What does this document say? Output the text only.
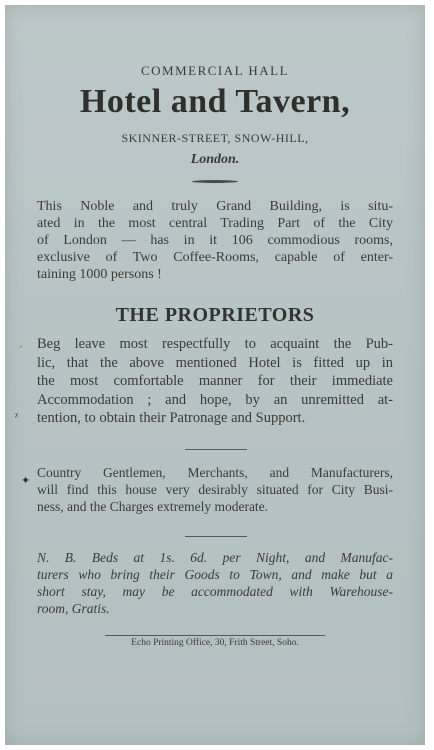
COMMERCIAL HALL
Hotel and Tavern,
SKINNER-STREET, SNOW-HILL,
London.
This Noble and truly Grand Building, is situ-
ated in the most central Trading Part of the City
of London — has in it 106 commodious rooms,
exclusive of Two Coffee-Rooms, capable of enter-
taining 1000 persons !
THE PROPRIETORS
Beg leave most respectfully to acquaint the Pub-
lic, that the above mentioned Hotel is fitted up in
the most comfortable manner for their immediate
Accommodation ; and hope, by an unremitted at-
tention, to obtain their Patronage and Support.
Country Gentlemen, Merchants, and Manufacturers,
will find this house very desirably situated for City Busi-
ness, and the Charges extremely moderate.
N. B. Beds at 1s. 6d. per Night, and Manufac-
turers who bring their Goods to Town, and make but a
short stay, may be accommodated with Warehouse-
room, Gratis.
Echo Printing Office, 30, Frith Street, Soho.
ʾ
ᵡ
✦
